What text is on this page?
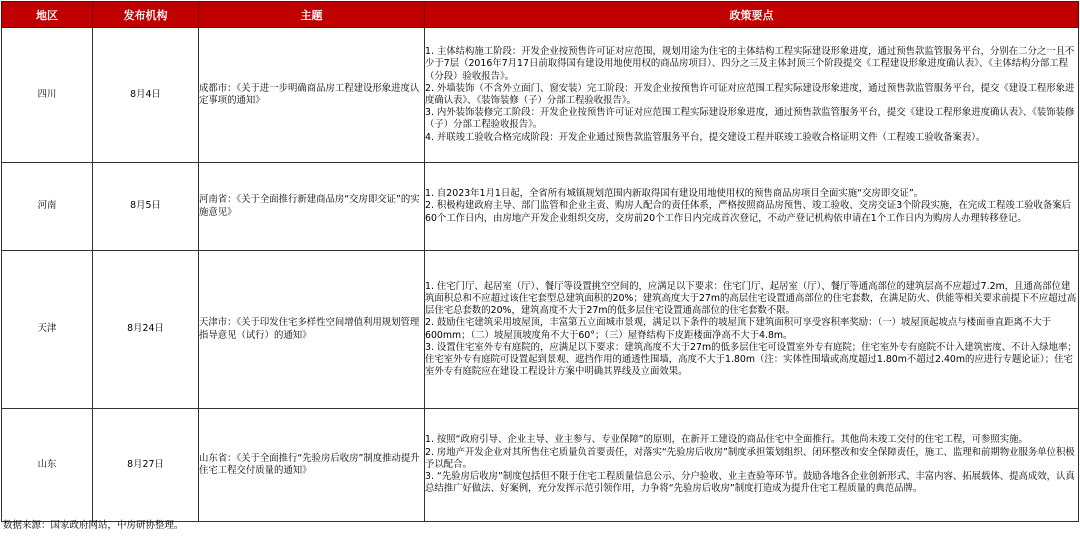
地区	发布机构	主题	政策要点
四川	8月4日	成都市：《关于进一步明确商品房工程建设形象进度认定事项的通知》	1. 主体结构施工阶段：开发企业按预售许可证对应范围，规划用途为住宅的主体结构工程实际建设形象进度，通过预售款监管服务平台，分别在二分之一且不少于7层（2016年7月17日前取得国有建设用地使用权的商品房项目）、四分之三及主体封顶三个阶段提交《工程建设形象进度确认表》、《主体结构分部工程（分段）验收报告》。
2. 外墙装饰（不含外立面门、窗安装）完工阶段：开发企业按预售许可证对应范围工程实际建设形象进度，通过预售款监管服务平台，提交《建设工程形象进度确认表》、《装饰装修（子）分部工程验收报告》。
3. 内外装饰装修完工阶段：开发企业按预售许可证对应范围工程实际建设形象进度，通过预售款监管服务平台，提交《建设工程形象进度确认表》、《装饰装修（子）分部工程验收报告》。
4. 并联竣工验收合格完成阶段：开发企业通过预售款监管服务平台，提交建设工程并联竣工验收合格证明文件（工程竣工验收备案表）。

河南	8月5日	河南省：《关于全面推行新建商品房“交房即交证”的实施意见》	1. 自2023年1月1日起，全省所有城镇规划范围内新取得国有建设用地使用权的预售商品房项目全面实施“交房即交证”。
2. 积极构建政府主导、部门监管和企业主责、购房人配合的责任体系，严格按照商品房预售、竣工验收、交房交证3个阶段实施，在完成工程竣工验收备案后60个工作日内，由房地产开发企业组织交房，交房前20个工作日内完成首次登记，不动产登记机构依申请在1个工作日内为购房人办理转移登记。

天津	8月24日	天津市：《关于印发住宅多样性空间增值利用规划管理指导意见（试行）的通知》	1. 住宅门厅、起居室（厅）、餐厅等设置挑空空间的，应满足以下要求：住宅门厅、起居室（厅）、餐厅等通高部位的建筑层高不应超过7.2m，且通高部位建筑面积总和不应超过该住宅套型总建筑面积的20%；建筑高度大于27m的高层住宅设置通高部位的住宅套数，在满足防火、供能等相关要求前提下不应超过高层住宅总套数的20%，建筑高度不大于27m的低多层住宅设置通高部位的住宅套数不限。
2. 鼓励住宅建筑采用坡屋顶，丰富第五立面城市景观，满足以下条件的坡屋顶下建筑面积可享受容积率奖励：（一）坡屋顶起坡点与楼面垂直距离不大于600mm；（二）坡屋顶坡度角不大于60°；（三）屋脊结构下皮距楼面净高不大于4.8m。
3. 设置住宅室外专有庭院的，应满足以下要求：建筑高度不大于27m的低多层住宅可设置室外专有庭院；住宅室外专有庭院不计入建筑密度、不计入绿地率；住宅室外专有庭院可设置起到景观、遮挡作用的通透性围墙，高度不大于1.80m（注：实体性围墙或高度超过1.80m不超过2.40m的应进行专题论证）；住宅室外专有庭院应在建设工程设计方案中明确其界线及立面效果。

山东	8月27日	山东省：《关于全面推行“先验房后收房”制度推动提升住宅工程交付质量的通知》	1. 按照“政府引导、企业主导、业主参与、专业保障”的原则，在新开工建设的商品住宅中全面推行。其他尚未竣工交付的住宅工程，可参照实施。
2. 房地产开发企业对其所售住宅质量负首要责任，对落实“先验房后收房”制度承担策划组织、闭环整改和安全保障责任，施工、监理和前期物业服务单位积极予以配合。
3. “先验房后收房”制度包括但不限于住宅工程质量信息公示、分户验收、业主查验等环节。鼓励各地各企业创新形式、丰富内容、拓展载体、提高成效，认真总结推广好做法、好案例，充分发挥示范引领作用，力争将“先验房后收房”制度打造成为提升住宅工程质量的典范品牌。
数据来源：国家政府网站，中房研协整理。
